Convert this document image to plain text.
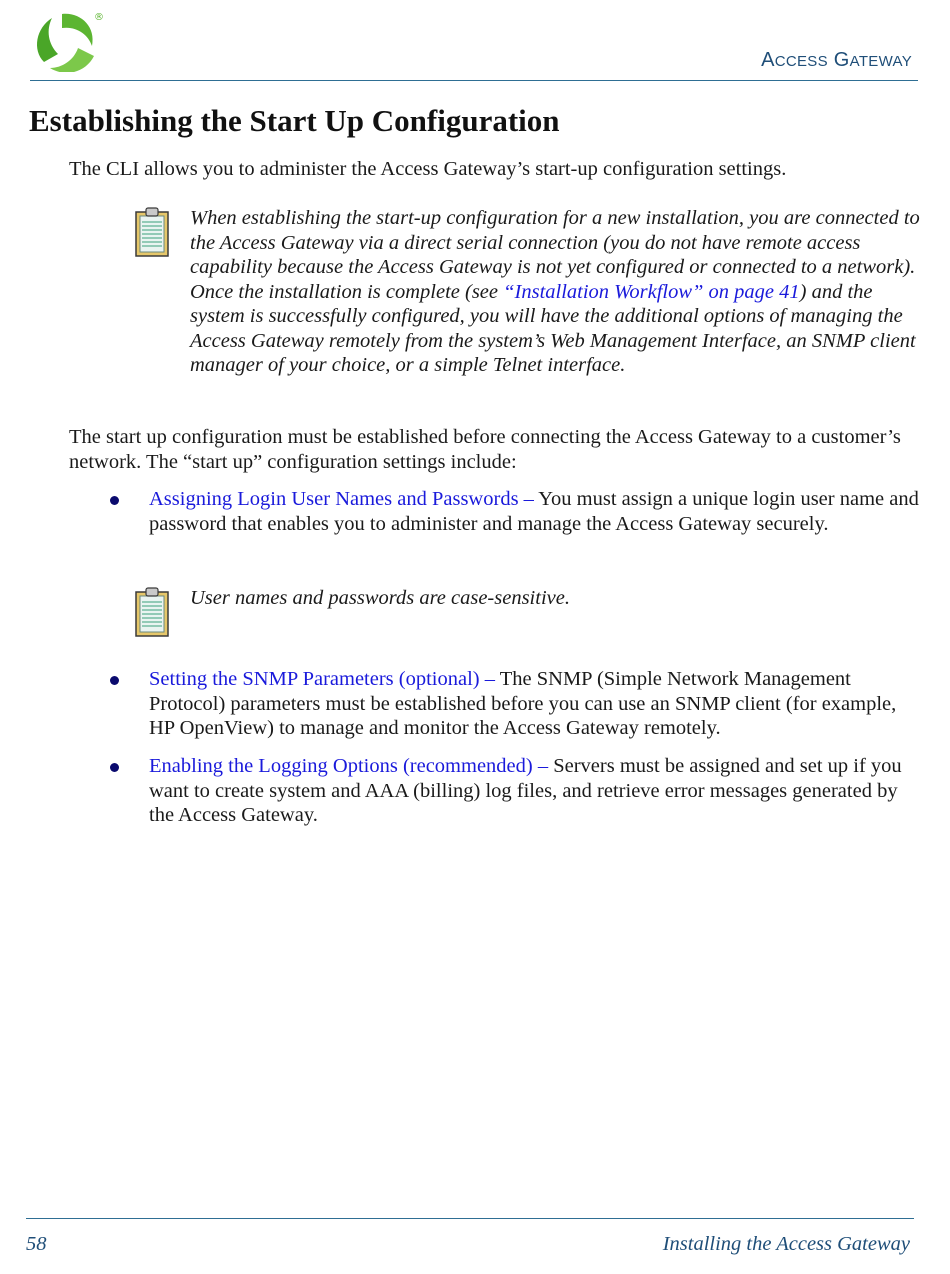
®
ACCESS GATEWAY
Establishing the Start Up Configuration

The CLI allows you to administer the Access Gateway’s start-up configuration settings.

When establishing the start-up configuration for a new installation, you are connected to the Access Gateway via a direct serial connection (you do not have remote access capability because the Access Gateway is not yet configured or connected to a network). Once the installation is complete (see “Installation Workflow” on page 41) and the system is successfully configured, you will have the additional options of managing the Access Gateway remotely from the system’s Web Management Interface, an SNMP client manager of your choice, or a simple Telnet interface.

The start up configuration must be established before connecting the Access Gateway to a customer’s network. The “start up” configuration settings include:

Assigning Login User Names and Passwords – You must assign a unique login user name and password that enables you to administer and manage the Access Gateway securely.

User names and passwords are case-sensitive.

Setting the SNMP Parameters (optional) – The SNMP (Simple Network Management Protocol) parameters must be established before you can use an SNMP client (for example, HP OpenView) to manage and monitor the Access Gateway remotely.

Enabling the Logging Options (recommended) – Servers must be assigned and set up if you want to create system and AAA (billing) log files, and retrieve error messages generated by the Access Gateway.

58	Installing the Access Gateway
